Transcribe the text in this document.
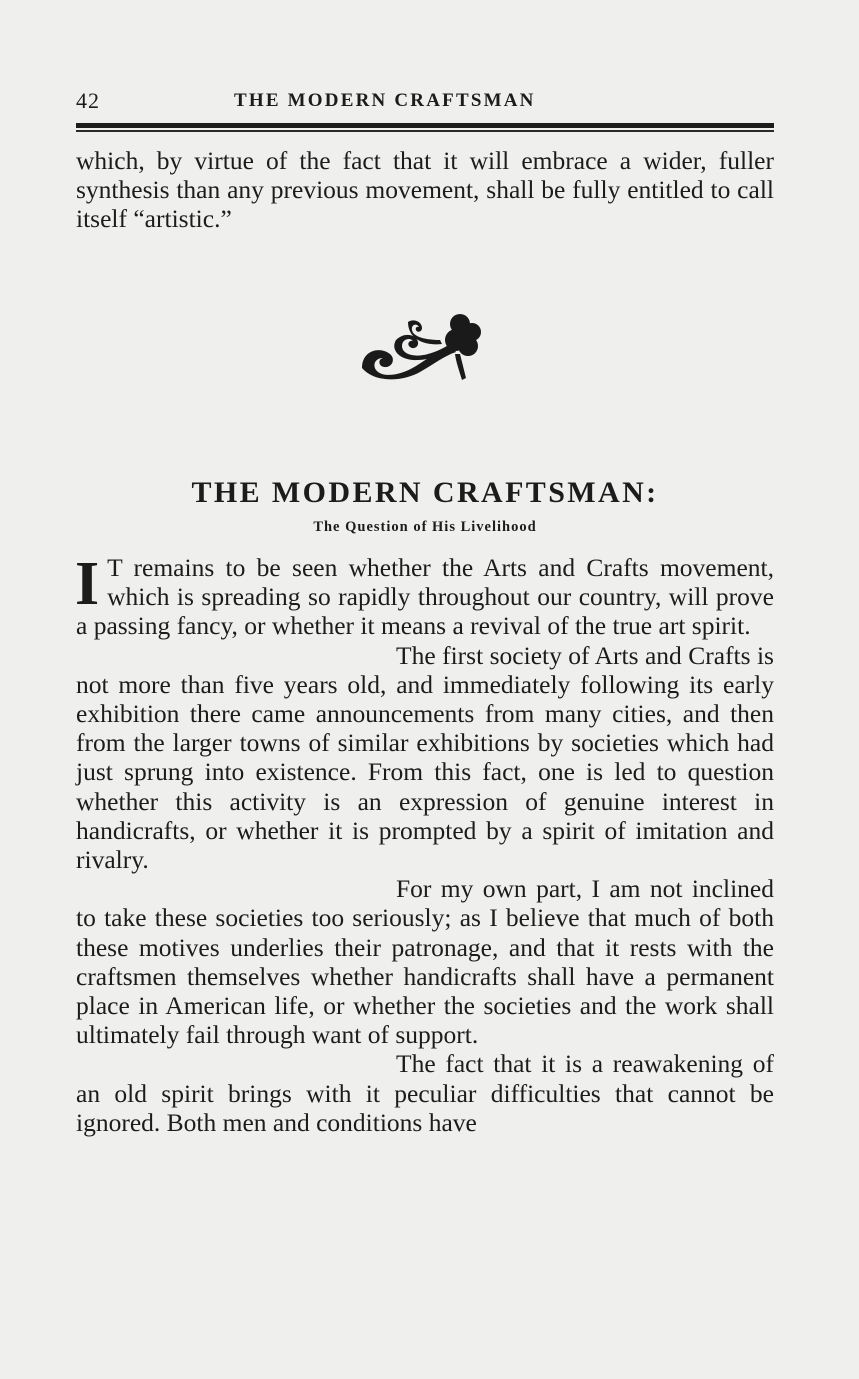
42	THE MODERN CRAFTSMAN

which, by virtue of the fact that it will embrace a wider, fuller synthesis than any previous movement, shall be fully entitled to call itself “artistic.”

THE MODERN CRAFTSMAN:
The Question of His Livelihood

I T remains to be seen whether the Arts and Crafts movement, which is spreading so rapidly throughout our country, will prove a passing fancy, or whether it means a revival of the true art spirit.

The first society of Arts and Crafts is not more than five years old, and immediately following its early exhibition there came announcements from many cities, and then from the larger towns of similar exhibitions by societies which had just sprung into existence. From this fact, one is led to question whether this activity is an expression of genuine interest in handicrafts, or whether it is prompted by a spirit of imitation and rivalry.

For my own part, I am not inclined to take these societies too seriously; as I believe that much of both these motives underlies their patronage, and that it rests with the craftsmen themselves whether handicrafts shall have a permanent place in American life, or whether the societies and the work shall ultimately fail through want of support.

The fact that it is a reawakening of an old spirit brings with it peculiar difficulties that cannot be ignored. Both men and conditions have
